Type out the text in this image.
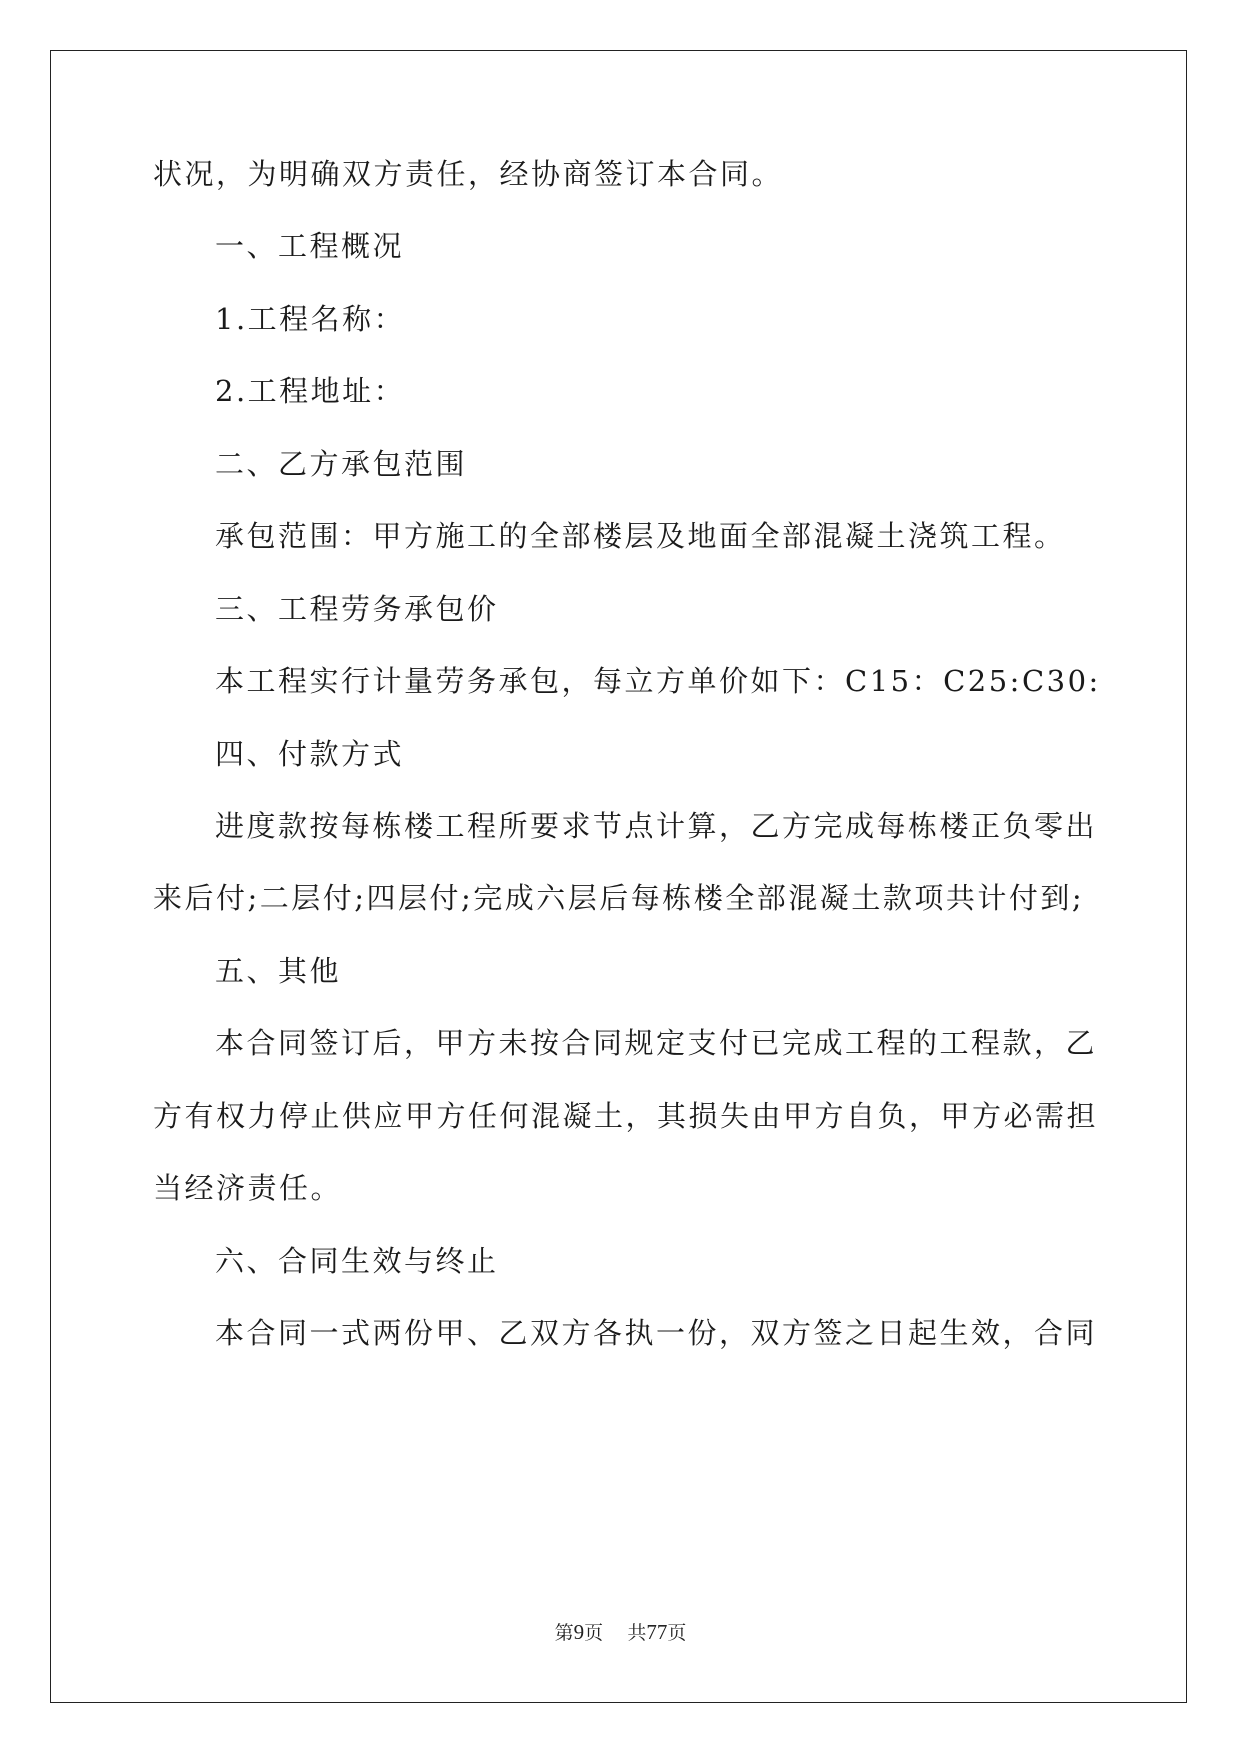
状况，为明确双方责任，经协商签订本合同。
一、工程概况
1.工程名称：
2.工程地址：
二、乙方承包范围
承包范围：甲方施工的全部楼层及地面全部混凝土浇筑工程。
三、工程劳务承包价
本工程实行计量劳务承包，每立方单价如下：C15：C25:C30:
四、付款方式
进度款按每栋楼工程所要求节点计算，乙方完成每栋楼正负零出
来后付;二层付;四层付;完成六层后每栋楼全部混凝土款项共计付到;
五、其他
本合同签订后，甲方未按合同规定支付已完成工程的工程款，乙
方有权力停止供应甲方任何混凝土，其损失由甲方自负，甲方必需担
当经济责任。
六、合同生效与终止
本合同一式两份甲、乙双方各执一份，双方签之日起生效，合同
第9页 共77页
